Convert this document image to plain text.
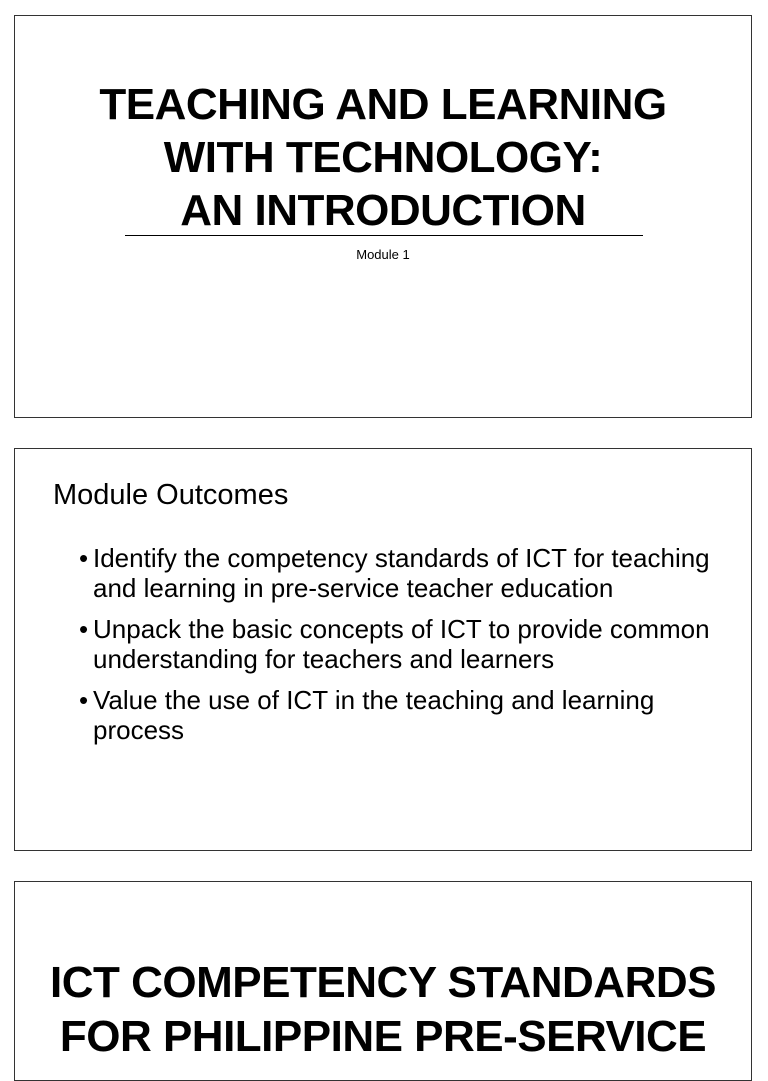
TEACHING AND LEARNING
WITH TECHNOLOGY:
AN INTRODUCTION
Module 1
Module Outcomes
• Identify the competency standards of ICT for teaching and learning in pre-service teacher education
• Unpack the basic concepts of ICT to provide common understanding for teachers and learners
• Value the use of ICT in the teaching and learning process
ICT COMPETENCY STANDARDS
FOR PHILIPPINE PRE-SERVICE
